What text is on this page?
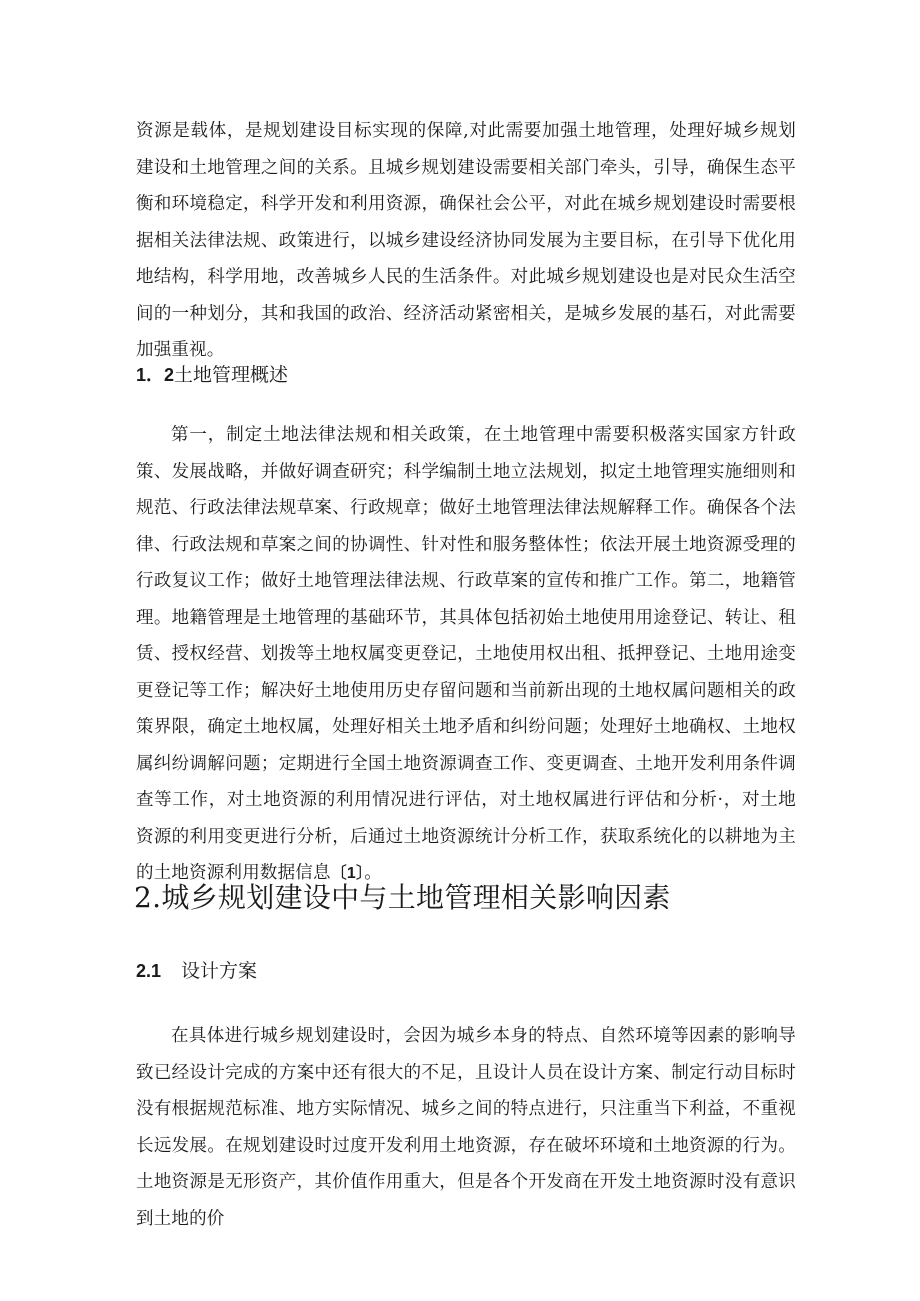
资源是载体，是规划建设目标实现的保障,对此需要加强土地管理，处理好城乡规划建设和土地管理之间的关系。且城乡规划建设需要相关部门牵头，引导，确保生态平衡和环境稳定，科学开发和利用资源，确保社会公平，对此在城乡规划建设时需要根据相关法律法规、政策进行，以城乡建设经济协同发展为主要目标，在引导下优化用地结构，科学用地，改善城乡人民的生活条件。对此城乡规划建设也是对民众生活空间的一种划分，其和我国的政治、经济活动紧密相关，是城乡发展的基石，对此需要加强重视。

1．2土地管理概述

第一，制定土地法律法规和相关政策，在土地管理中需要积极落实国家方针政策、发展战略，并做好调查研究；科学编制土地立法规划，拟定土地管理实施细则和规范、行政法律法规草案、行政规章；做好土地管理法律法规解释工作。确保各个法律、行政法规和草案之间的协调性、针对性和服务整体性；依法开展土地资源受理的行政复议工作；做好土地管理法律法规、行政草案的宣传和推广工作。第二，地籍管理。地籍管理是土地管理的基础环节，其具体包括初始土地使用用途登记、转让、租赁、授权经营、划拨等土地权属变更登记，土地使用权出租、抵押登记、土地用途变更登记等工作；解决好土地使用历史存留问题和当前新出现的土地权属问题相关的政策界限，确定土地权属，处理好相关土地矛盾和纠纷问题；处理好土地确权、土地权属纠纷调解问题；定期进行全国土地资源调查工作、变更调查、土地开发利用条件调查等工作，对土地资源的利用情况进行评估，对土地权属进行评估和分析·，对土地资源的利用变更进行分析，后通过土地资源统计分析工作，获取系统化的以耕地为主的土地资源利用数据信息〔1〕。

2.城乡规划建设中与土地管理相关影响因素
2.1 设计方案

在具体进行城乡规划建设时，会因为城乡本身的特点、自然环境等因素的影响导致已经设计完成的方案中还有很大的不足，且设计人员在设计方案、制定行动目标时没有根据规范标准、地方实际情况、城乡之间的特点进行，只注重当下利益，不重视长远发展。在规划建设时过度开发利用土地资源，存在破坏环境和土地资源的行为。土地资源是无形资产，其价值作用重大，但是各个开发商在开发土地资源时没有意识到土地的价
